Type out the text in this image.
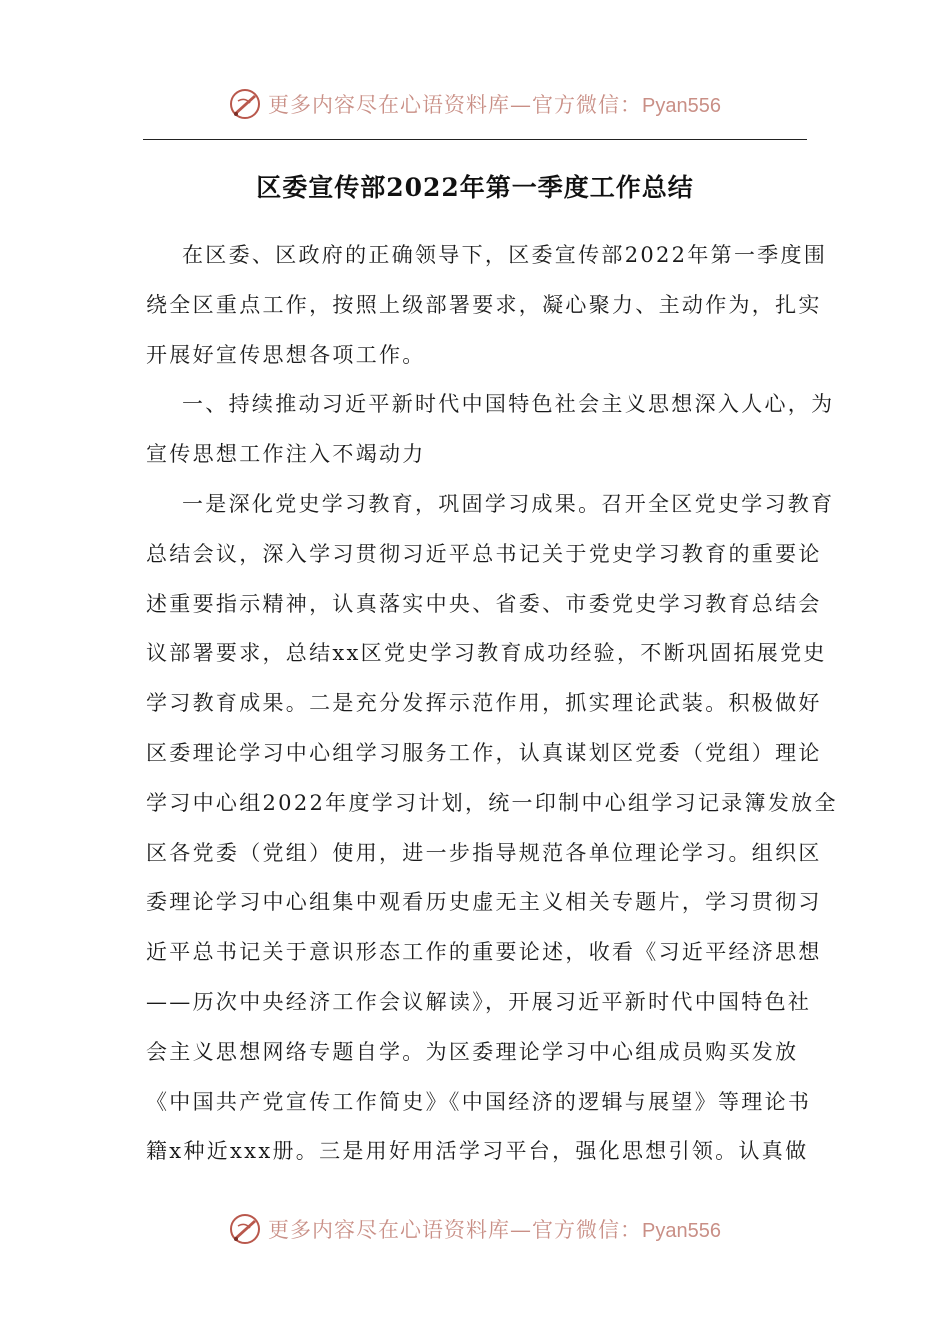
更多内容尽在心语资料库—官方微信：Pyan556
区委宣传部2022年第一季度工作总结
在区委、区政府的正确领导下，区委宣传部2022年第一季度围
绕全区重点工作，按照上级部署要求，凝心聚力、主动作为，扎实
开展好宣传思想各项工作。
一、持续推动习近平新时代中国特色社会主义思想深入人心，为
宣传思想工作注入不竭动力
一是深化党史学习教育，巩固学习成果。召开全区党史学习教育
总结会议，深入学习贯彻习近平总书记关于党史学习教育的重要论
述重要指示精神，认真落实中央、省委、市委党史学习教育总结会
议部署要求，总结xx区党史学习教育成功经验，不断巩固拓展党史
学习教育成果。二是充分发挥示范作用，抓实理论武装。积极做好
区委理论学习中心组学习服务工作，认真谋划区党委（党组）理论
学习中心组2022年度学习计划，统一印制中心组学习记录簿发放全
区各党委（党组）使用，进一步指导规范各单位理论学习。组织区
委理论学习中心组集中观看历史虚无主义相关专题片，学习贯彻习
近平总书记关于意识形态工作的重要论述，收看《习近平经济思想
——历次中央经济工作会议解读》，开展习近平新时代中国特色社
会主义思想网络专题自学。为区委理论学习中心组成员购买发放
《中国共产党宣传工作简史》《中国经济的逻辑与展望》等理论书
籍x种近xxx册。三是用好用活学习平台，强化思想引领。认真做
更多内容尽在心语资料库—官方微信：Pyan556
